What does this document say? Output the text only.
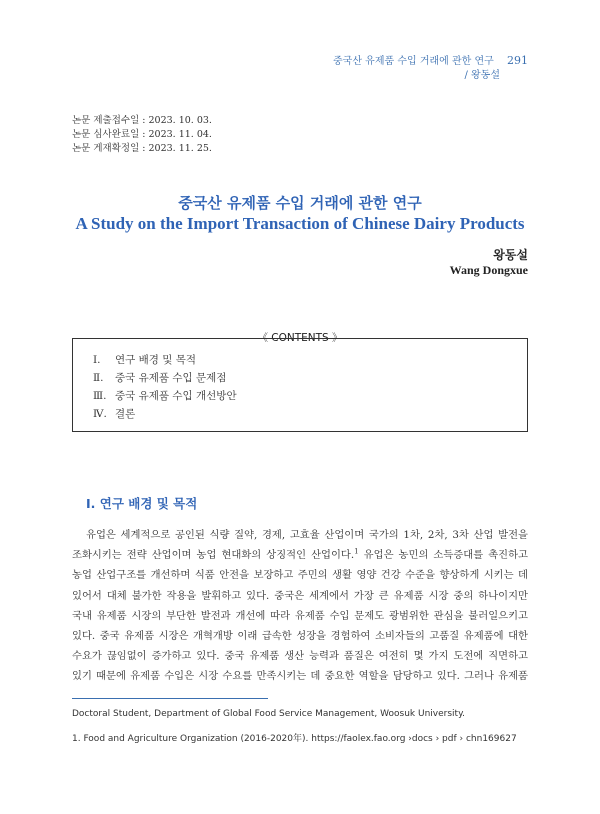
중국산 유제품 수입 거래에 관한 연구 291
/ 왕동설
논문 제출접수일 : 2023. 10. 03.
논문 심사완료일 : 2023. 11. 04.
논문 게재확정일 : 2023. 11. 25.
중국산 유제품 수입 거래에 관한 연구
A Study on the Import Transaction of Chinese Dairy Products
왕동설
Wang Dongxue
《 CONTENTS 》
Ⅰ. 연구 배경 및 목적
Ⅱ. 중국 유제품 수입 문제점
Ⅲ. 중국 유제품 수입 개선방안
Ⅳ. 결론
Ⅰ. 연구 배경 및 목적
유업은 세계적으로 공인된 식량 질약, 경제, 고효율 산업이며 국가의 1차, 2차, 3차 산업 발전을
조화시키는 전략 산업이며 농업 현대화의 상징적인 산업이다.$^1$ 유업은 농민의 소득증대를 촉진하고
농업 산업구조를 개선하며 식품 안전을 보장하고 주민의 생활 영양 건강 수준을 향상하게 시키는 데
있어서 대체 불가한 작용을 발휘하고 있다. 중국은 세계에서 가장 큰 유제품 시장 중의 하나이지만
국내 유제품 시장의 부단한 발전과 개선에 따라 유제품 수입 문제도 광범위한 관심을 불러일으키고
있다. 중국 유제품 시장은 개혁개방 이래 급속한 성장을 경험하여 소비자들의 고품질 유제품에 대한
수요가 끊임없이 증가하고 있다. 중국 유제품 생산 능력과 품질은 여전히 몇 가지 도전에 직면하고
있기 때문에 유제품 수입은 시장 수요를 만족시키는 데 중요한 역할을 담당하고 있다. 그러나 유제품
Doctoral Student, Department of Global Food Service Management, Woosuk University.
1. Food and Agriculture Organization (2016-2020年). https://faolex.fao.org ›docs › pdf › chn169627
